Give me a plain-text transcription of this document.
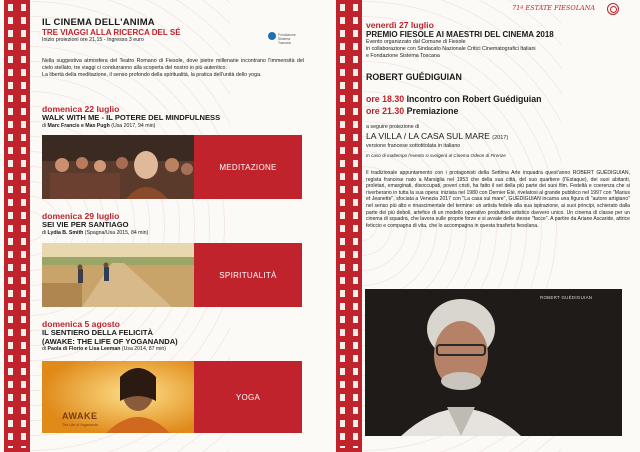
IL CINEMA DELL'ANIMA
TRE VIAGGI ALLA RICERCA DEL SÉ
Inizio proiezioni ore 21,15 - Ingresso 3 euro
Fondazione Sistema Toscana
Nella suggestiva atmosfera del Teatro Romano di Fiesole, dove pietre millenarie incontrano l'immensità del cielo stellato, tre viaggi ci condurranno alla scoperta del nostro io più autentico.
La libertà della meditazione, il senso profondo della spiritualità, la pratica dell'unità dello yoga.
domenica 22 luglio
WALK WITH ME - IL POTERE DEL MINDFULNESS
di Marc Francis e Max Pugh (Usa 2017, 94 min)
MEDITAZIONE
domenica 29 luglio
SEI VIE PER SANTIAGO
di Lydia B. Smith (Spagna/Usa 2015, 84 min)
SPIRITUALITÀ
domenica 5 agosto
IL SENTIERO DELLA FELICITÀ
(AWAKE: THE LIFE OF YOGANANDA)
di Paola di Florio e Lisa Leeman (Usa 2014, 87 min)
AWAKE
The Life of Yogananda
YOGA
71ª ESTATE FIESOLANA
venerdì 27 luglio
PREMIO FIESOLE AI MAESTRI DEL CINEMA 2018
Evento organizzato dal Comune di Fiesole
in collaborazione con Sindacato Nazionale Critici Cinematografici Italiani
e Fondazione Sistema Toscana
ROBERT GUÉDIGUIAN
ore 18.30 Incontro con Robert Guédiguian
ore 21.30 Premiazione
a seguire proiezione di
LA VILLA / LA CASA SUL MARE (2017)
versione francese sottotitolata in italiano
In caso di maltempo l'evento si svolgerà al Cinema Odeon di Firenze
Il tradizionale appuntamento con i protagonisti della Settima Arte inquadra quest'anno ROBERT GUÉDIGUIAN, regista francese nato a Marsiglia nel 1953 che della sua città, del suo quartiere (l'Estaque), dei suoi abitanti, proletari, emarginati, disoccupati, poveri cristi, ha fatto il set della più parte dei suoi film. Fedeltà e coerenza che si riverberano in tutta la sua opera: iniziata nel 1980 con Dernier Été, rivelatosi al grande pubblico nel 1997 con "Marius et Jeanette", sfociata a Venezia 2017 con "La casa sul mare", GUÉDIGUIAN incarna una figura di "autore artigiano" nel senso più alto e rinascimentale del termine: un artista fedele alla sua ispirazione, ai suoi principi, schierato dalla parte dei più deboli, artefice di un modello operativo produttivo artistico davvero unico. Un cinema di classe per un cinema di squadra, che lavora sulle proprie forze e si avvale delle stesse "facce". A partire da Ariane Ascaride, attrice feticcio e compagna di vita, che lo accompagna in questa trasferta fiesolana.
ROBERT GUÉDIGUIAN
